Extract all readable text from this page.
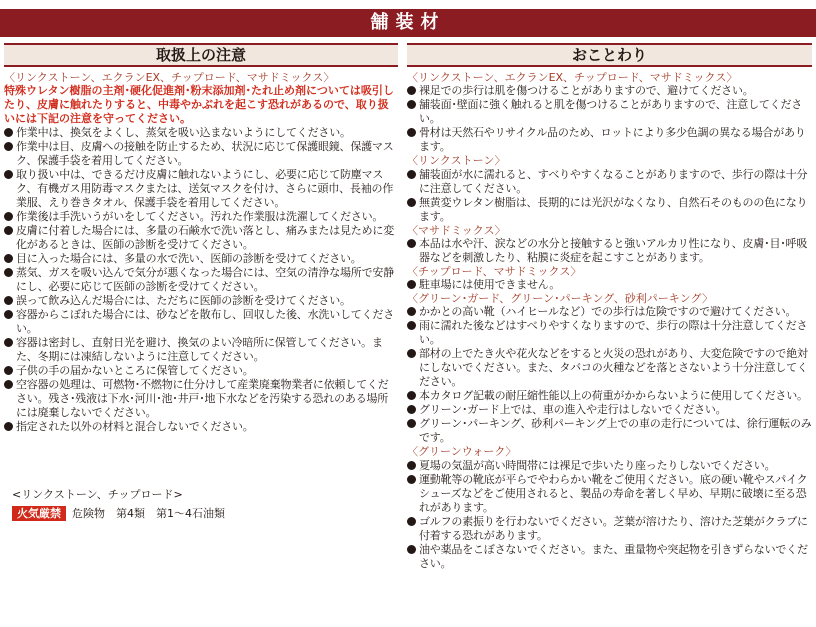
舗装材
取扱上の注意
〈リンクストーン、エクランEX、チップロード、マサドミックス〉
特殊ウレタン樹脂の主剤･硬化促進剤･粉末添加剤･たれ止め剤については吸引したり、皮膚に触れたりすると、中毒やかぶれを起こす恐れがあるので、取り扱いには下記の注意を守ってください。
作業中は、換気をよくし、蒸気を吸い込まないようにしてください。
作業中は目、皮膚への接触を防止するため、状況に応じて保護眼鏡、保護マスク、保護手袋を着用してください。
取り扱い中は、できるだけ皮膚に触れないようにし、必要に応じて防塵マスク、有機ガス用防毒マスクまたは、送気マスクを付け、さらに頭巾、長袖の作業服、えり巻きタオル、保護手袋を着用してください。
作業後は手洗いうがいをしてください。汚れた作業服は洗濯してください。
皮膚に付着した場合には、多量の石鹸水で洗い落とし、痛みまたは見ために変化があるときは、医師の診断を受けてください。
目に入った場合には、多量の水で洗い、医師の診断を受けてください。
蒸気、ガスを吸い込んで気分が悪くなった場合には、空気の清浄な場所で安静にし、必要に応じて医師の診断を受けてください。
誤って飲み込んだ場合には、ただちに医師の診断を受けてください。
容器からこぼれた場合には、砂などを散布し、回収した後、水洗いしてください。
容器は密封し、直射日光を避け、換気のよい冷暗所に保管してください。また、冬期には凍結しないように注意してください。
子供の手の届かないところに保管してください。
空容器の処理は、可燃物･不燃物に仕分けして産業廃棄物業者に依頼してください。残さ･残液は下水･河川･池･井戸･地下水などを汚染する恐れのある場所には廃棄しないでください。
指定された以外の材料と混合しないでください。
<リンクストーン、チップロード>
火気厳禁 危険物　第4類　第1～4石油類
おことわり
〈リンクストーン、エクランEX、チップロード、マサドミックス〉
裸足での歩行は肌を傷つけることがありますので、避けてください。
舗装面･壁面に強く触れると肌を傷つけることがありますので、注意してください。
骨材は天然石やリサイクル品のため、ロットにより多少色調の異なる場合があります。
〈リンクストーン〉
舗装面が水に濡れると、すべりやすくなることがありますので、歩行の際は十分に注意してください。
無黄変ウレタン樹脂は、長期的には光沢がなくなり、自然石そのものの色になります。
〈マサドミックス〉
本品は水や汗、涙などの水分と接触すると強いアルカリ性になり、皮膚･目･呼吸器などを刺激したり、粘膜に炎症を起こすことがあります。
〈チップロード、マサドミックス〉
駐車場には使用できません。
〈グリーン･ガード、グリーン･パーキング、砂利パーキング〉
かかとの高い靴（ハイヒールなど）での歩行は危険ですので避けてください。
雨に濡れた後などはすべりやすくなりますので、歩行の際は十分注意してください。
部材の上でたき火や花火などをすると火災の恐れがあり、大変危険ですので絶対にしないでください。また、タバコの火種などを落とさないよう十分注意してください。
本カタログ記載の耐圧縮性能以上の荷重がかからないように使用してください。
グリーン･ガード上では、車の進入や走行はしないでください。
グリーン･パーキング、砂利パーキング上での車の走行については、徐行運転のみです。
〈グリーンウォーク〉
夏場の気温が高い時間帯には裸足で歩いたり座ったりしないでください。
運動靴等の靴底が平らでやわらかい靴をご使用ください。底の硬い靴やスパイクシューズなどをご使用されると、製品の寿命を著しく早め、早期に破壊に至る恐れがあります。
ゴルフの素振りを行わないでください。芝葉が溶けたり、溶けた芝葉がクラブに付着する恐れがあります。
油や薬品をこぼさないでください。また、重量物や突起物を引きずらないでください。
